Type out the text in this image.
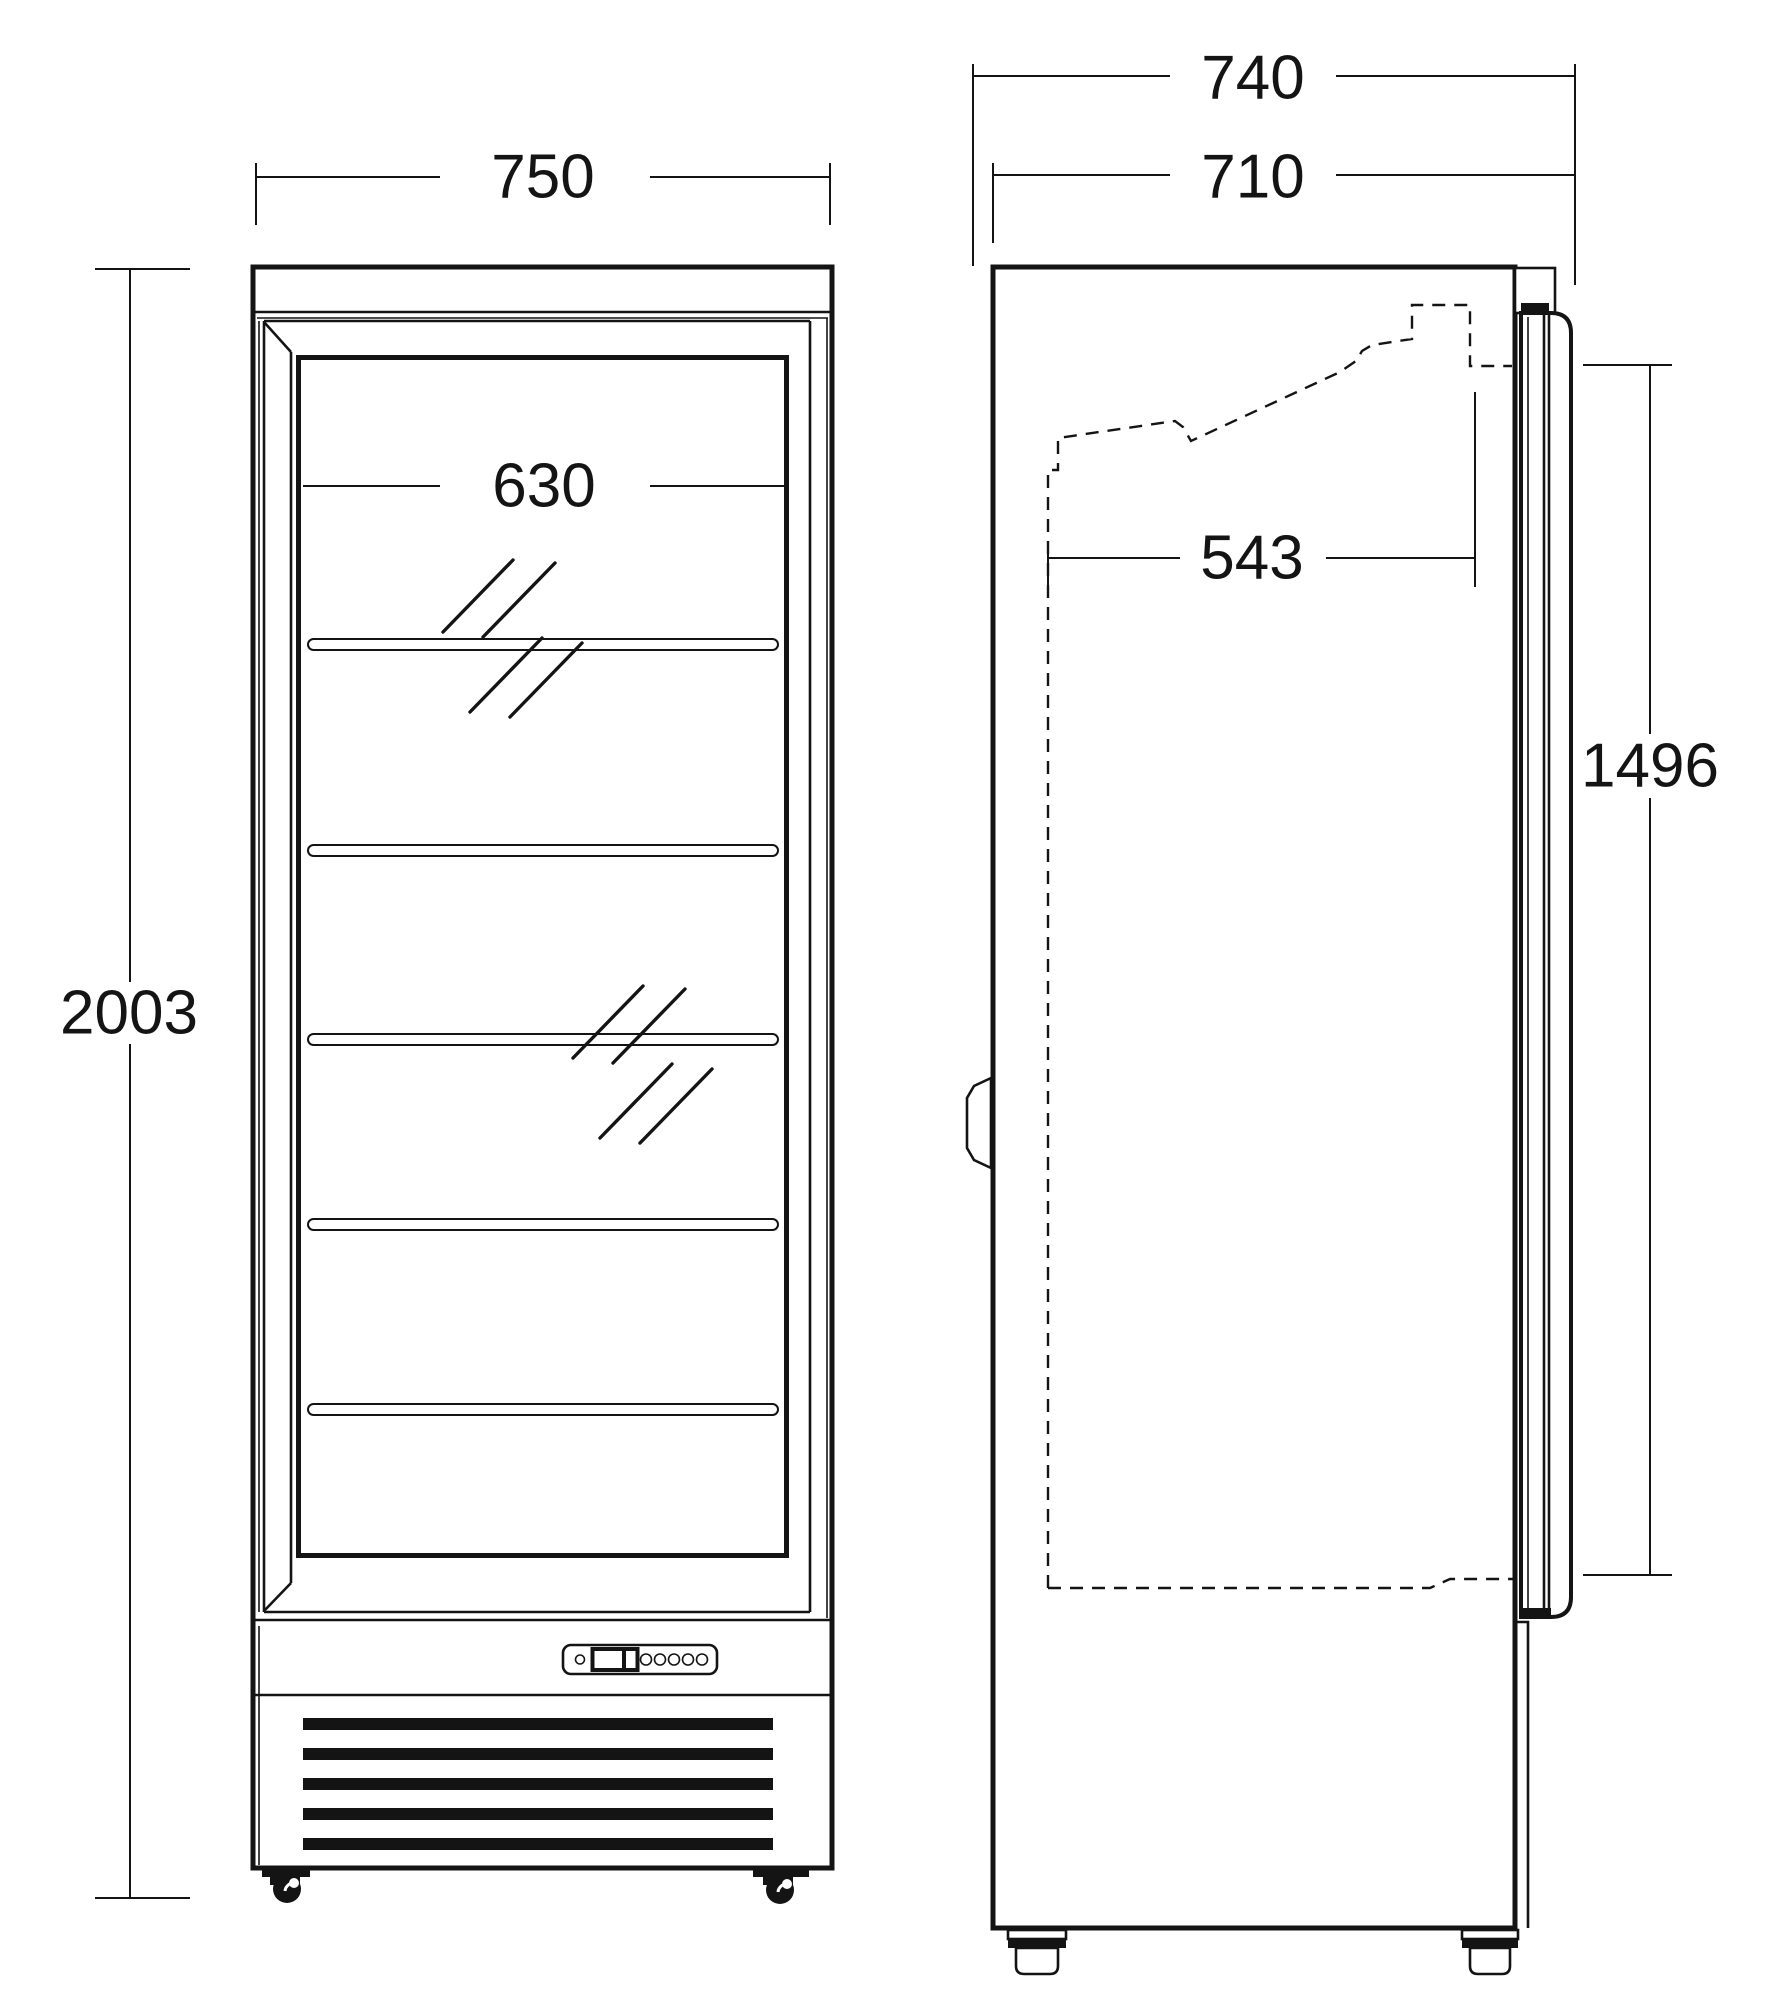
750
2003
630
740
710
543
1496
